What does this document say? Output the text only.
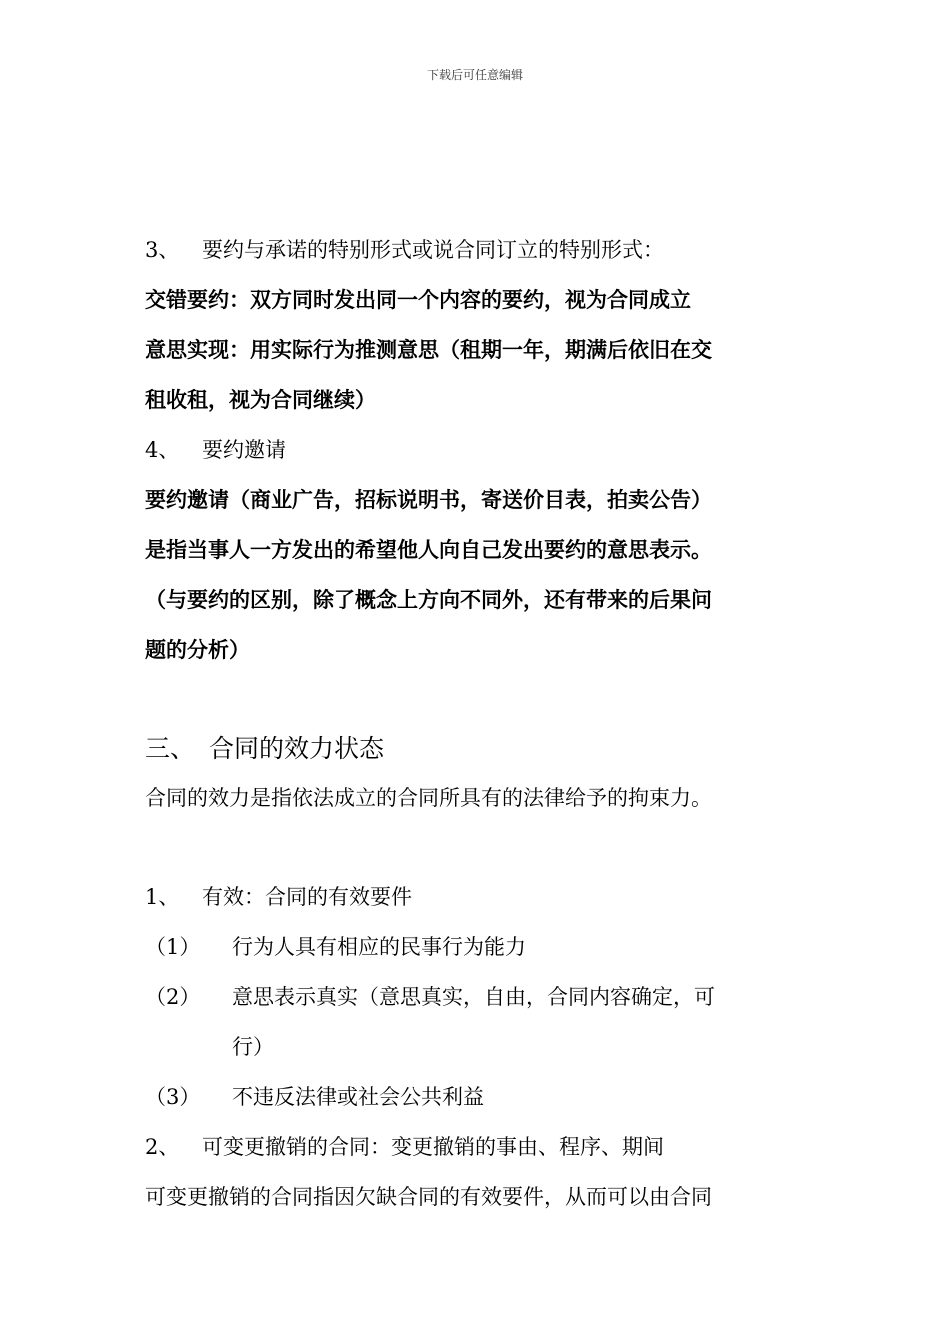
下载后可任意编辑
3、 要约与承诺的特别形式或说合同订立的特别形式：
交错要约：双方同时发出同一个内容的要约，视为合同成立
意思实现：用实际行为推测意思（租期一年，期满后依旧在交
租收租，视为合同继续）
4、 要约邀请
要约邀请（商业广告，招标说明书，寄送价目表，拍卖公告）
是指当事人一方发出的希望他人向自己发出要约的意思表示。
（与要约的区别，除了概念上方向不同外，还有带来的后果问
题的分析）
三、 合同的效力状态
合同的效力是指依法成立的合同所具有的法律给予的拘束力。
1、 有效：合同的有效要件
（1） 行为人具有相应的民事行为能力
（2） 意思表示真实（意思真实，自由，合同内容确定，可
行）
（3） 不违反法律或社会公共利益
2、 可变更撤销的合同：变更撤销的事由、程序、期间
可变更撤销的合同指因欠缺合同的有效要件，从而可以由合同
